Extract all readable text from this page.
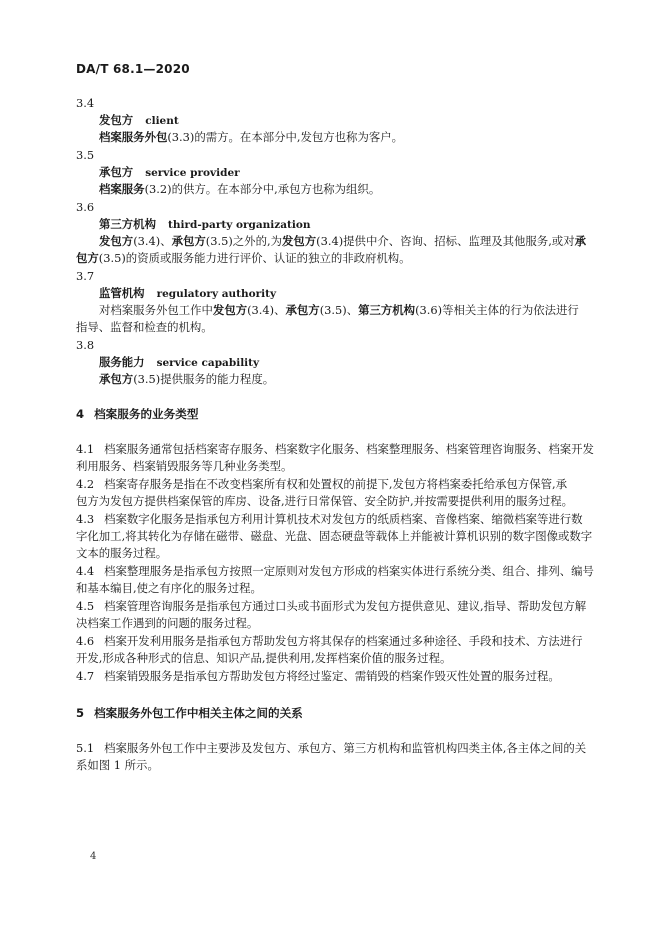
DA/T 68.1—2020
3.4
发包方 client
档案服务外包(3.3)的需方。在本部分中,发包方也称为客户。
3.5
承包方 service provider
档案服务(3.2)的供方。在本部分中,承包方也称为组织。
3.6
第三方机构 third-party organization
发包方(3.4)、承包方(3.5)之外的,为发包方(3.4)提供中介、咨询、招标、监理及其他服务,或对承
包方(3.5)的资质或服务能力进行评价、认证的独立的非政府机构。
3.7
监管机构 regulatory authority
对档案服务外包工作中发包方(3.4)、承包方(3.5)、第三方机构(3.6)等相关主体的行为依法进行
指导、监督和检查的机构。
3.8
服务能力 service capability
承包方(3.5)提供服务的能力程度。
4 档案服务的业务类型
4.1 档案服务通常包括档案寄存服务、档案数字化服务、档案整理服务、档案管理咨询服务、档案开发
利用服务、档案销毁服务等几种业务类型。
4.2 档案寄存服务是指在不改变档案所有权和处置权的前提下,发包方将档案委托给承包方保管,承
包方为发包方提供档案保管的库房、设备,进行日常保管、安全防护,并按需要提供利用的服务过程。
4.3 档案数字化服务是指承包方利用计算机技术对发包方的纸质档案、音像档案、缩微档案等进行数
字化加工,将其转化为存储在磁带、磁盘、光盘、固态硬盘等载体上并能被计算机识别的数字图像或数字
文本的服务过程。
4.4 档案整理服务是指承包方按照一定原则对发包方形成的档案实体进行系统分类、组合、排列、编号
和基本编目,使之有序化的服务过程。
4.5 档案管理咨询服务是指承包方通过口头或书面形式为发包方提供意见、建议,指导、帮助发包方解
决档案工作遇到的问题的服务过程。
4.6 档案开发利用服务是指承包方帮助发包方将其保存的档案通过多种途径、手段和技术、方法进行
开发,形成各种形式的信息、知识产品,提供利用,发挥档案价值的服务过程。
4.7 档案销毁服务是指承包方帮助发包方将经过鉴定、需销毁的档案作毁灭性处置的服务过程。
5 档案服务外包工作中相关主体之间的关系
5.1 档案服务外包工作中主要涉及发包方、承包方、第三方机构和监管机构四类主体,各主体之间的关
系如图 1 所示。
4
